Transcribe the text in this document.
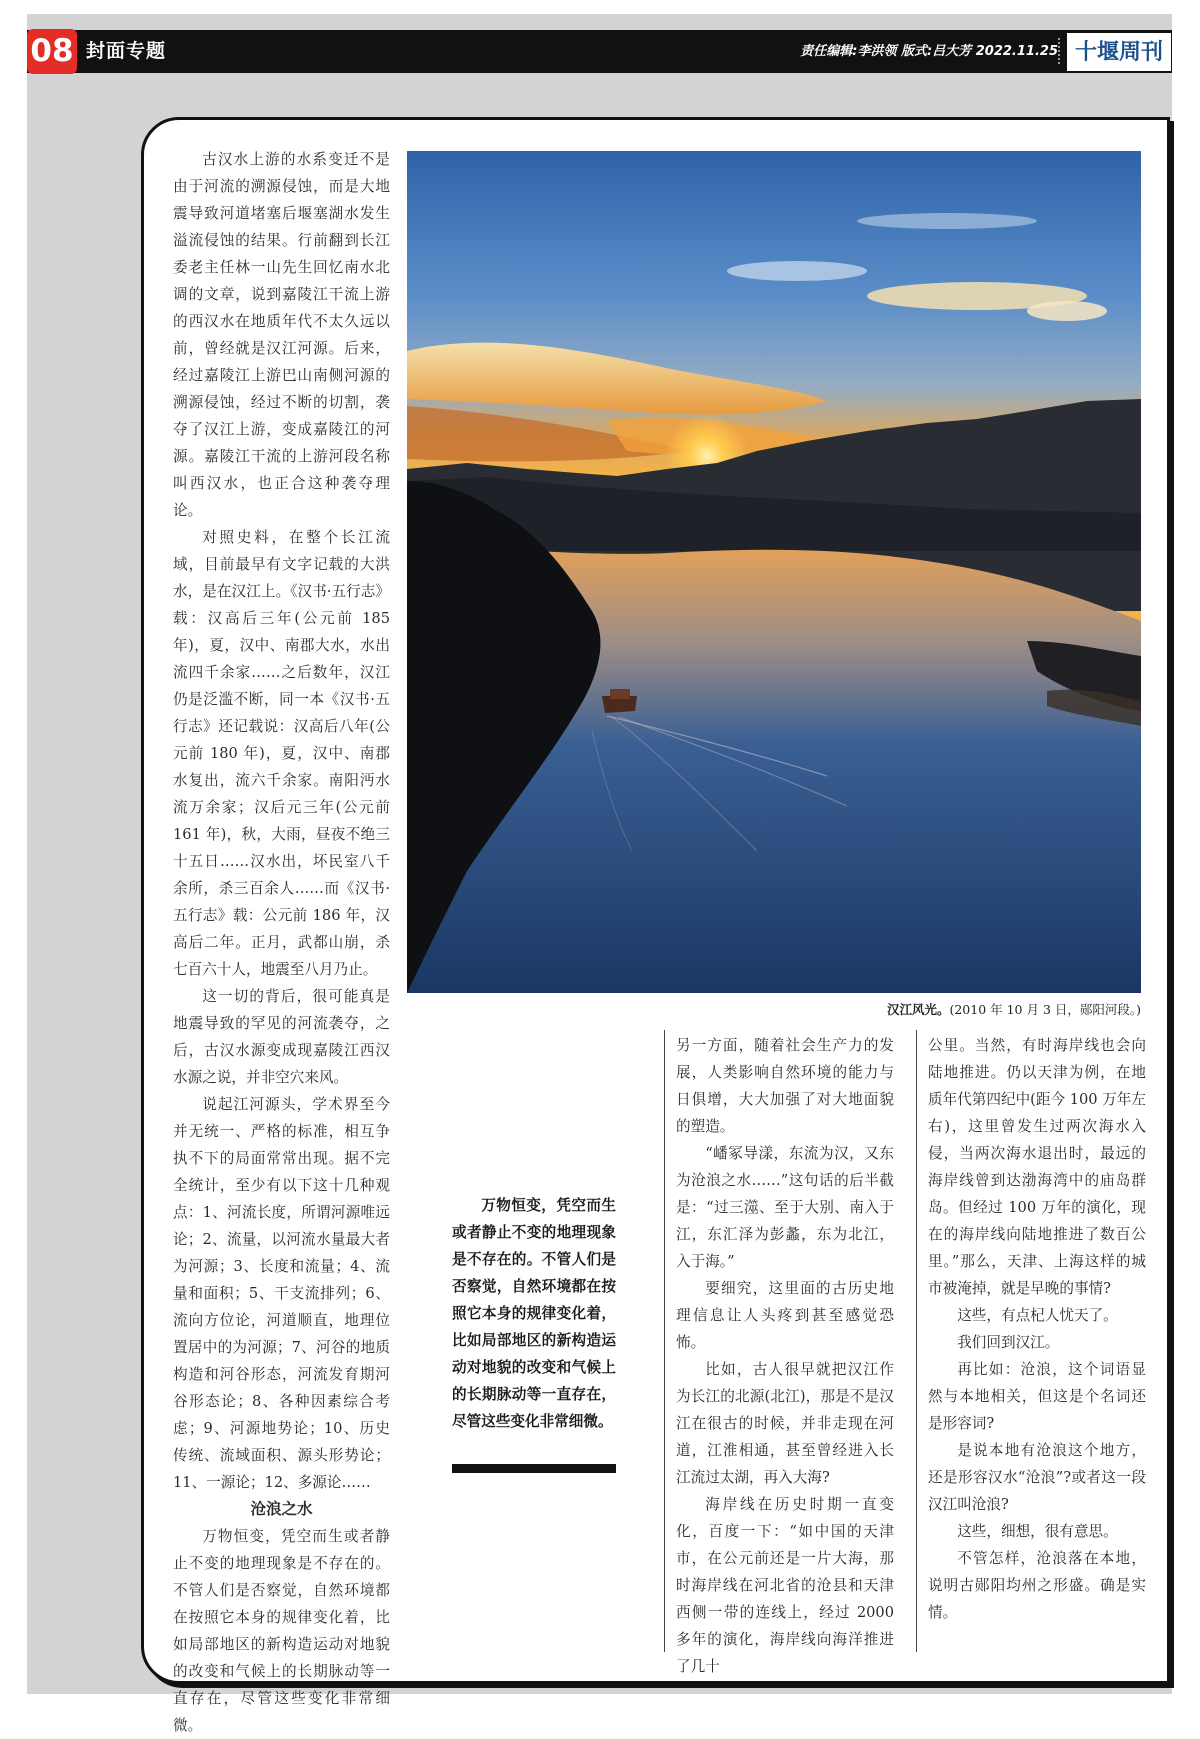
08 封面专题	责任编辑:李洪领 版式:吕大芳 2022.11.25 十堰周刊
汉江风光。(2010 年 10 月 3 日，郧阳河段。)

古汉水上游的水系变迁不是由于河流的溯源侵蚀，而是大地震导致河道堵塞后堰塞湖水发生溢流侵蚀的结果。行前翻到长江委老主任林一山先生回忆南水北调的文章，说到嘉陵江干流上游的西汉水在地质年代不太久远以前，曾经就是汉江河源。后来，经过嘉陵江上游巴山南侧河源的溯源侵蚀，经过不断的切割，袭夺了汉江上游，变成嘉陵江的河源。嘉陵江干流的上游河段名称叫西汉水，也正合这种袭夺理论。

对照史料，在整个长江流域，目前最早有文字记载的大洪水，是在汉江上。《汉书·五行志》载：汉高后三年(公元前 185 年)，夏，汉中、南郡大水，水出流四千余家……之后数年，汉江仍是泛滥不断，同一本《汉书·五行志》还记载说：汉高后八年(公元前 180 年)，夏，汉中、南郡水复出，流六千余家。南阳沔水流万余家；汉后元三年(公元前 161 年)，秋，大雨，昼夜不绝三十五日……汉水出，坏民室八千余所，杀三百余人……而《汉书·五行志》载：公元前 186 年，汉高后二年。正月，武都山崩，杀七百六十人，地震至八月乃止。

这一切的背后，很可能真是地震导致的罕见的河流袭夺，之后，古汉水源变成现嘉陵江西汉水源之说，并非空穴来风。

说起江河源头，学术界至今并无统一、严格的标准，相互争执不下的局面常常出现。据不完全统计，至少有以下这十几种观点：1、河流长度，所谓河源唯远论；2、流量，以河流水量最大者为河源；3、长度和流量；4、流量和面积；5、干支流排列；6、流向方位论，河道顺直，地理位置居中的为河源；7、河谷的地质构造和河谷形态，河流发育期河谷形态论；8、各种因素综合考虑；9、河源地势论；10、历史传统、流域面积、源头形势论；11、一源论；12、多源论……

沧浪之水

万物恒变，凭空而生或者静止不变的地理现象是不存在的。不管人们是否察觉，自然环境都在按照它本身的规律变化着，比如局部地区的新构造运动对地貌的改变和气候上的长期脉动等一直存在，尽管这些变化非常细微。

万物恒变，凭空而生或者静止不变的地理现象是不存在的。不管人们是否察觉，自然环境都在按照它本身的规律变化着，比如局部地区的新构造运动对地貌的改变和气候上的长期脉动等一直存在，尽管这些变化非常细微。

另一方面，随着社会生产力的发展，人类影响自然环境的能力与日俱增，大大加强了对大地面貌的塑造。

“嶓冢导漾，东流为汉，又东为沧浪之水……”这句话的后半截是：“过三澨、至于大别、南入于江，东汇泽为彭蠡，东为北江，入于海。”

要细究，这里面的古历史地理信息让人头疼到甚至感觉恐怖。

比如，古人很早就把汉江作为长江的北源(北江)，那是不是汉江在很古的时候，并非走现在河道，江淮相通，甚至曾经进入长江流过太湖，再入大海?

海岸线在历史时期一直变化，百度一下：“如中国的天津市，在公元前还是一片大海，那时海岸线在河北省的沧县和天津西侧一带的连线上，经过 2000 多年的演化，海岸线向海洋推进了几十

公里。当然，有时海岸线也会向陆地推进。仍以天津为例，在地质年代第四纪中(距今 100 万年左右)，这里曾发生过两次海水入侵，当两次海水退出时，最远的海岸线曾到达渤海湾中的庙岛群岛。但经过 100 万年的演化，现在的海岸线向陆地推进了数百公里。”那么，天津、上海这样的城市被淹掉，就是早晚的事情?

这些，有点杞人忧天了。

我们回到汉江。

再比如：沧浪，这个词语显然与本地相关，但这是个名词还是形容词?

是说本地有沧浪这个地方，还是形容汉水“沧浪”?或者这一段汉江叫沧浪?

这些，细想，很有意思。

不管怎样，沧浪落在本地，说明古郧阳均州之形盛。确是实情。
